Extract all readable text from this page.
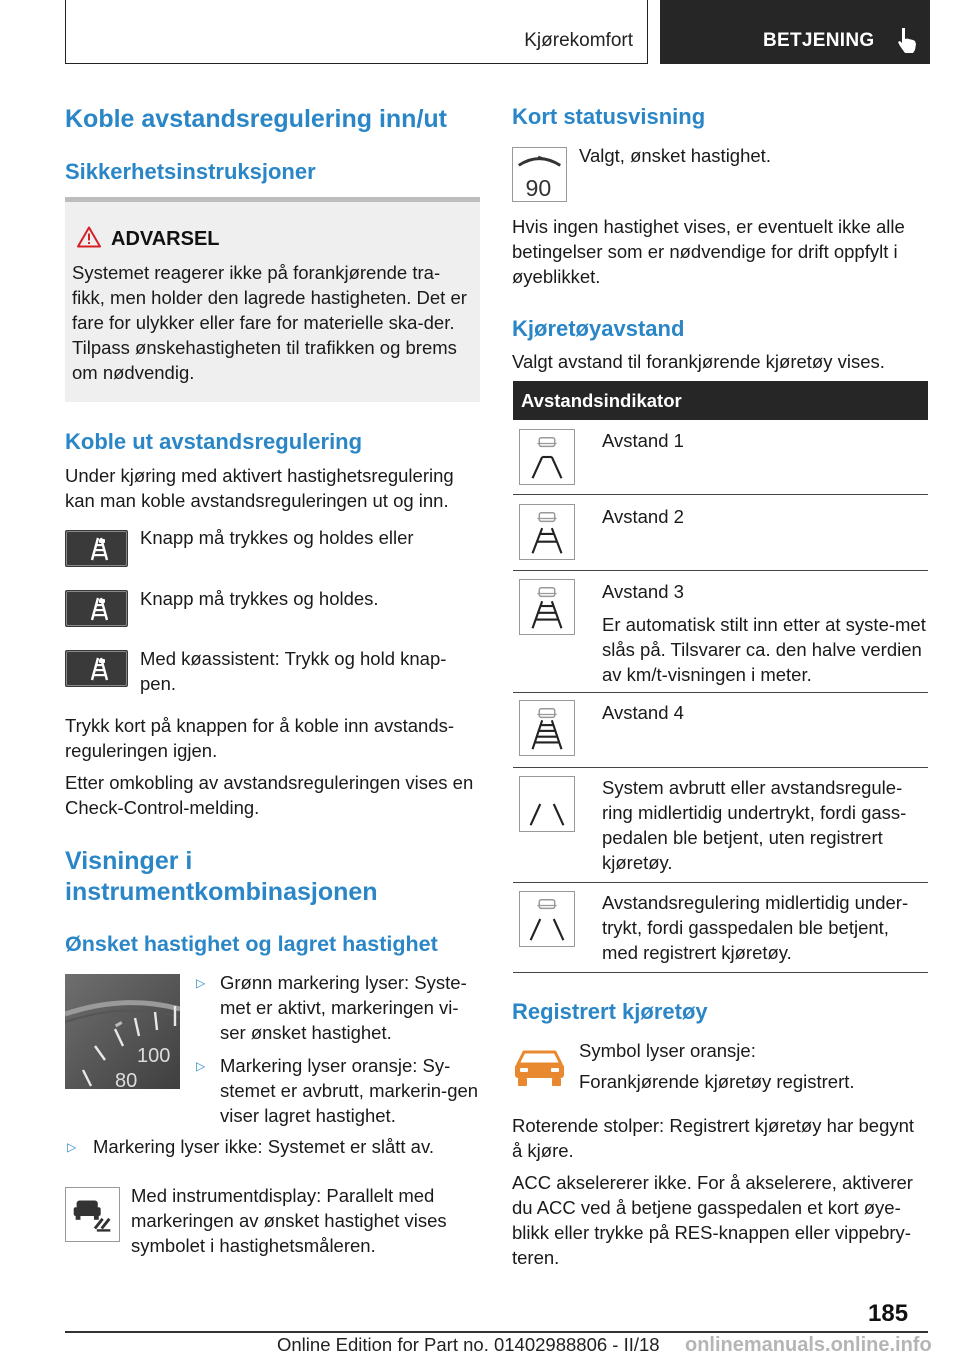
Kjørekomfort	BETJENING
Koble avstandsregulering inn/ut
Sikkerhetsinstruksjoner
ADVARSEL
Systemet reagerer ikke på forankjørende tra-fikk, men holder den lagrede hastigheten. Det er fare for ulykker eller fare for materielle ska-der. Tilpass ønskehastigheten til trafikken og brems om nødvendig.
Koble ut avstandsregulering
Under kjøring med aktivert hastighetsregulering kan man koble avstandsreguleringen ut og inn.
Knapp må trykkes og holdes eller
Knapp må trykkes og holdes.
Med køassistent: Trykk og hold knap-pen.
Trykk kort på knappen for å koble inn avstands-reguleringen igjen.
Etter omkobling av avstandsreguleringen vises en Check-Control-melding.
Visninger i instrumentkombinasjonen
Ønsket hastighet og lagret hastighet
100
80
▷ Grønn markering lyser: Syste-met er aktivt, markeringen vi-ser ønsket hastighet.
▷ Markering lyser oransje: Sy-stemet er avbrutt, markerin-gen viser lagret hastighet.
▷ Markering lyser ikke: Systemet er slått av.
Med instrumentdisplay: Parallelt med markeringen av ønsket hastighet vises symbolet i hastighetsmåleren.
Kort statusvisning
90
Valgt, ønsket hastighet.
Hvis ingen hastighet vises, er eventuelt ikke alle betingelser som er nødvendige for drift oppfylt i øyeblikket.
Kjøretøyavstand
Valgt avstand til forankjørende kjøretøy vises.
Avstandsindikator
Avstand 1
Avstand 2
Avstand 3
Er automatisk stilt inn etter at syste-met slås på. Tilsvarer ca. den halve verdien av km/t-visningen i meter.
Avstand 4
System avbrutt eller avstandsregule-ring midlertidig undertrykt, fordi gass-pedalen ble betjent, uten registrert kjøretøy.
Avstandsregulering midlertidig under-trykt, fordi gasspedalen ble betjent, med registrert kjøretøy.
Registrert kjøretøy
Symbol lyser oransje:
Forankjørende kjøretøy registrert.
Roterende stolper: Registrert kjøretøy har begynt å kjøre.
ACC akselererer ikke. For å akselerere, aktiverer du ACC ved å betjene gasspedalen et kort øye-blikk eller trykke på RES-knappen eller vippebry-teren.
185
Online Edition for Part no. 01402988806 - II/18 onlinemanuals.online.info
